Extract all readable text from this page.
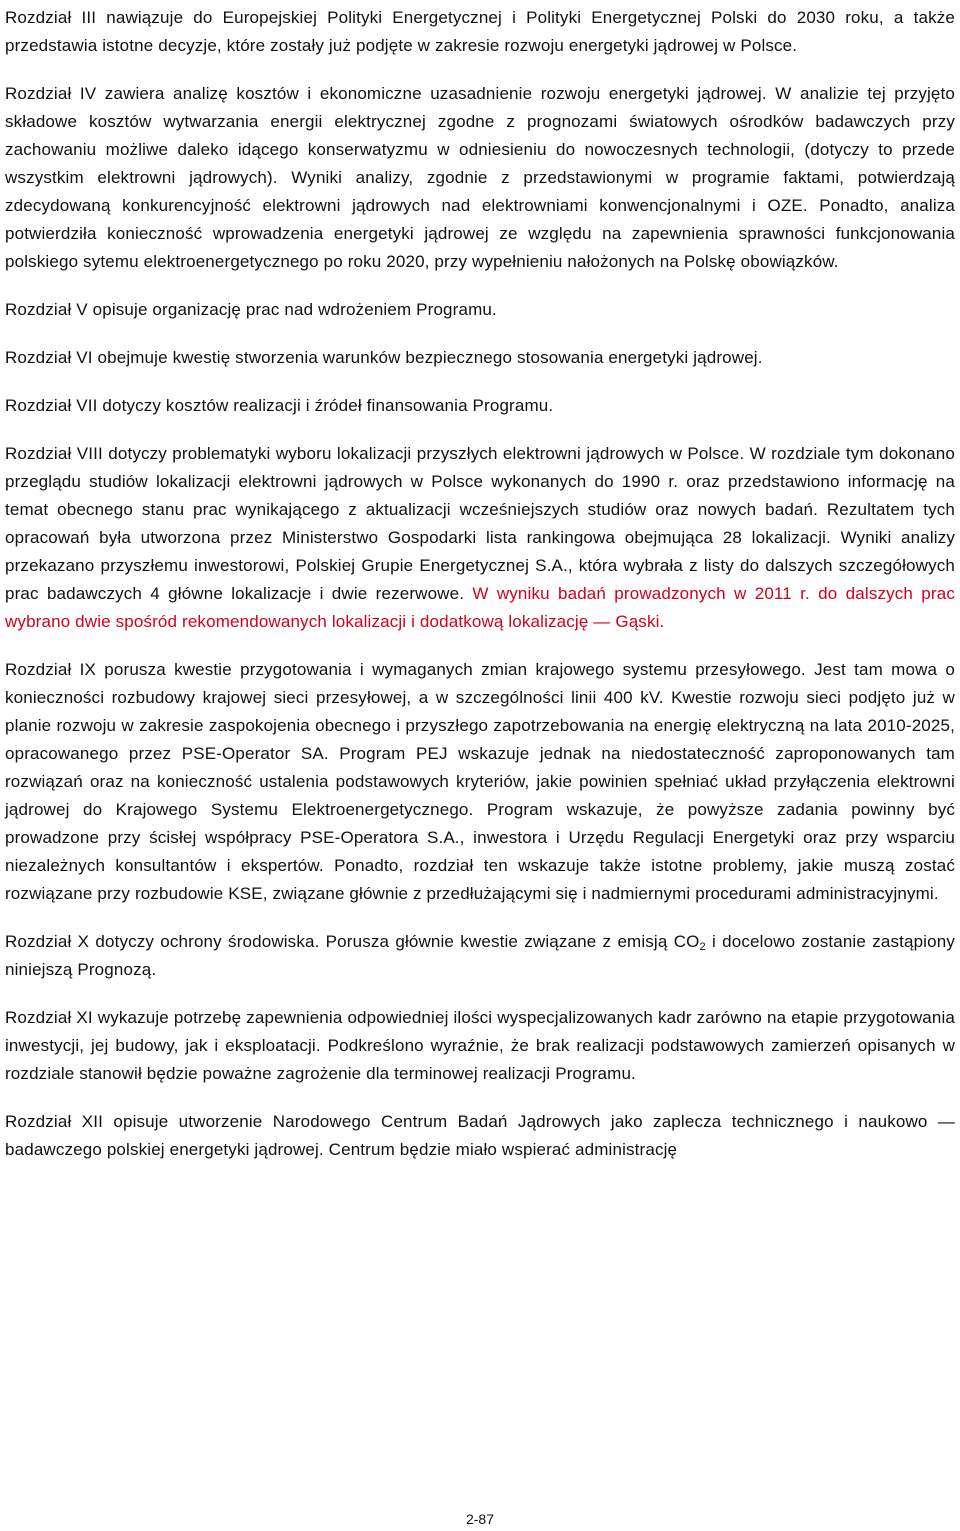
Rozdział III nawiązuje do Europejskiej Polityki Energetycznej i Polityki Energetycznej Polski do 2030 roku, a także przedstawia istotne decyzje, które zostały już podjęte w zakresie rozwoju energetyki jądrowej w Polsce.

Rozdział IV zawiera analizę kosztów i ekonomiczne uzasadnienie rozwoju energetyki jądrowej. W analizie tej przyjęto składowe kosztów wytwarzania energii elektrycznej zgodne z prognozami światowych ośrodków badawczych przy zachowaniu możliwe daleko idącego konserwatyzmu w odniesieniu do nowoczesnych technologii, (dotyczy to przede wszystkim elektrowni jądrowych). Wyniki analizy, zgodnie z przedstawionymi w programie faktami, potwierdzają zdecydowaną konkurencyjność elektrowni jądrowych nad elektrowniami konwencjonalnymi i OZE. Ponadto, analiza potwierdziła konieczność wprowadzenia energetyki jądrowej ze względu na zapewnienia sprawności funkcjonowania polskiego sytemu elektroenergetycznego po roku 2020, przy wypełnieniu nałożonych na Polskę obowiązków.

Rozdział V opisuje organizację prac nad wdrożeniem Programu.

Rozdział VI obejmuje kwestię stworzenia warunków bezpiecznego stosowania energetyki jądrowej.

Rozdział VII dotyczy kosztów realizacji i źródeł finansowania Programu.

Rozdział VIII dotyczy problematyki wyboru lokalizacji przyszłych elektrowni jądrowych w Polsce. W rozdziale tym dokonano przeglądu studiów lokalizacji elektrowni jądrowych w Polsce wykonanych do 1990 r. oraz przedstawiono informację na temat obecnego stanu prac wynikającego z aktualizacji wcześniejszych studiów oraz nowych badań. Rezultatem tych opracowań była utworzona przez Ministerstwo Gospodarki lista rankingowa obejmująca 28 lokalizacji. Wyniki analizy przekazano przyszłemu inwestorowi, Polskiej Grupie Energetycznej S.A., która wybrała z listy do dalszych szczegółowych prac badawczych 4 główne lokalizacje i dwie rezerwowe. W wyniku badań prowadzonych w 2011 r. do dalszych prac wybrano dwie spośród rekomendowanych lokalizacji i dodatkową lokalizację — Gąski.

Rozdział IX porusza kwestie przygotowania i wymaganych zmian krajowego systemu przesyłowego. Jest tam mowa o konieczności rozbudowy krajowej sieci przesyłowej, a w szczególności linii 400 kV. Kwestie rozwoju sieci podjęto już w planie rozwoju w zakresie zaspokojenia obecnego i przyszłego zapotrzebowania na energię elektryczną na lata 2010-2025, opracowanego przez PSE-Operator SA. Program PEJ wskazuje jednak na niedostateczność zaproponowanych tam rozwiązań oraz na konieczność ustalenia podstawowych kryteriów, jakie powinien spełniać układ przyłączenia elektrowni jądrowej do Krajowego Systemu Elektroenergetycznego. Program wskazuje, że powyższe zadania powinny być prowadzone przy ścisłej współpracy PSE-Operatora S.A., inwestora i Urzędu Regulacji Energetyki oraz przy wsparciu niezależnych konsultantów i ekspertów. Ponadto, rozdział ten wskazuje także istotne problemy, jakie muszą zostać rozwiązane przy rozbudowie KSE, związane głównie z przedłużającymi się i nadmiernymi procedurami administracyjnymi.

Rozdział X dotyczy ochrony środowiska. Porusza głównie kwestie związane z emisją $CO_2$ i docelowo zostanie zastąpiony niniejszą Prognozą.

Rozdział XI wykazuje potrzebę zapewnienia odpowiedniej ilości wyspecjalizowanych kadr zarówno na etapie przygotowania inwestycji, jej budowy, jak i eksploatacji. Podkreślono wyraźnie, że brak realizacji podstawowych zamierzeń opisanych w rozdziale stanowił będzie poważne zagrożenie dla terminowej realizacji Programu.

Rozdział XII opisuje utworzenie Narodowego Centrum Badań Jądrowych jako zaplecza technicznego i naukowo — badawczego polskiej energetyki jądrowej. Centrum będzie miało wspierać administrację

2-87
